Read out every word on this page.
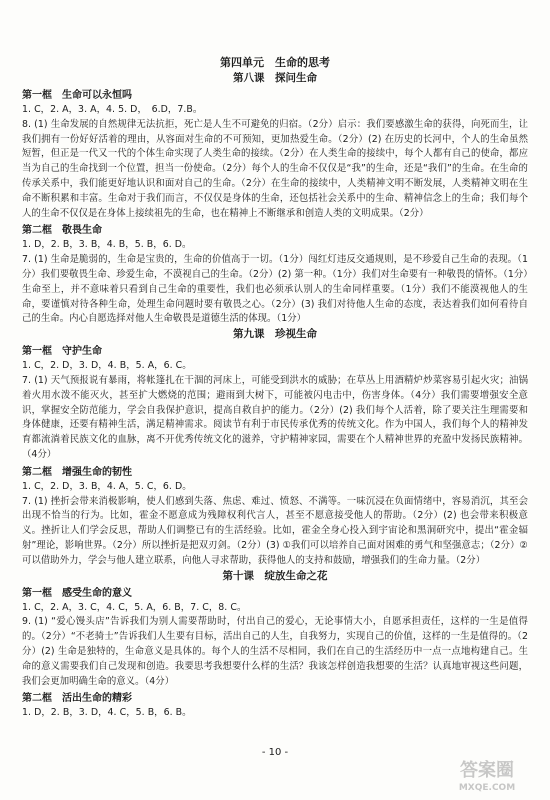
第四单元　生命的思考

第八课　探问生命

第一框　生命可以永恒吗

1. C，2. A，3. A，4. 5. D，　6.D，7.B。

8. (1) 生命发展的自然规律无法抗拒，死亡是人生不可避免的归宿。（2分）启示：我们要感激生命的获得，向死而生，让我们拥有一份好好活着的理由，从容面对生命的不可预知，更加热爱生命。（2分）(2) 在历史的长河中，个人的生命虽然短暂，但正是一代又一代的个体生命实现了人类生命的接续。（2分）在人类生命的接续中，每个人都有自己的使命，都应当为自己的生命找到一个位置，担当一份使命。（2分）每个人的生命不仅仅是“我”的生命，还是“我们”的生命。在生命的传承关系中，我们能更好地认识和面对自己的生命。（2分）在生命的接续中，人类精神文明不断发展，人类精神文明在生命不断积累和丰富。生命对于我们而言，不仅仅是身体的生命，还包括社会关系中的生命、精神信念上的生命；我们每个人的生命不仅仅是在身体上接续祖先的生命，也在精神上不断继承和创造人类的文明成果。（2分）

第二框　敬畏生命

1. D，2. B，3. B，4. B，5. B，6. D。

7. (1) 生命是脆弱的，生命是宝贵的，生命的价值高于一切。（1分）闯红灯违反交通规则，是不珍爱自己生命的表现。（1分）我们要敬畏生命、珍爱生命，不漠视自己的生命。（2分）(2) 第一种。（1分）我们对生命要有一种敬畏的情怀。（1分）生命至上，并不意味着只看到自己生命的重要性，我们也必须承认别人的生命同样重要。（1分）我们不能漠视他人的生命，要谨慎对待各种生命，处理生命问题时要有敬畏之心。（2分）(3) 我们对待他人生命的态度，表达着我们如何看待自己的生命。内心自愿选择对他人生命敬畏是道德生活的体现。（1分）

第九课　珍视生命

第一框　守护生命

1. C，2. D，3. D，4. B，5. A，6. C。

7. (1) 天气预报说有暴雨，将帐篷扎在干涸的河床上，可能受到洪水的威胁；在草丛上用酒精炉炒菜容易引起火灾；油锅着火用水泼不能灭火，甚至扩大燃烧的范围；避雨到大树下，可能被闪电击中，伤害身体。（4分）我们需要增强安全意识，掌握安全防范能力，学会自我保护意识，提高自救自护的能力。（2分）(2) 我们每个人活着，除了要关注生理需要和身体健康，还要有精神生活，满足精神需求。阅读节有利于市民传承优秀的传统文化。作为中国人，我们每个人的精神发育都流淌着民族文化的血脉，离不开优秀传统文化的滋养，守护精神家园，需要在个人精神世界的充盈中发扬民族精神。（4分）

第二框　增强生命的韧性

1. C，2. D，3. B，4. A，5. C，6. D。

7. (1) 挫折会带来消极影响，使人们感到失落、焦虑、难过、愤怒、不满等。一味沉浸在负面情绪中，容易消沉，其至会出现不恰当的行为。比如，霍金不愿意成为残障权利代言人，甚至不愿意接受他人的帮助。（2分）(2) 也会带来积极意义。挫折让人们学会反思，帮助人们调整已有的生活经验。比如，霍金全身心投入到宇宙论和黑洞研究中，提出“霍金辐射”理论，影响世界。（2分）所以挫折是把双刃剑。（2分）(3) ①我们可以培养自己面对困难的勇气和坚强意志；（2分）②可以借助外力，学会与他人建立联系，向他人寻求帮助，获得他人的支持和鼓励，增强我们的生命力量。（2分）

第十课　绽放生命之花

第一框　感受生命的意义

1. C，2. A，3. C，4. C，5. A，6. B，7. C，8. C。

9. (1) “爱心馒头店”告诉我们为别人需要帮助时，付出自己的爱心，无论事情大小，自愿承担责任，这样的一生是值得的。（2分）“不老骑士”告诉我们人生要有目标，活出自己的人生，自我努力，实现自己的价值，这样的一生是值得的。（2分）(2) 生命是独特的，生命意义是具体的。每个人的生活不尽相同，我们在自己的生活经历中一点一点地构建自己。生命的意义需要我们自己发现和创造。我要思考我想要什么样的生活？我该怎样创造我想要的生活？认真地审视这些问题，我们会更加明确生命的意义。（4分）

第二框　活出生命的精彩

1. D，2. B，3. D，4. C，5. B，6. B。

- 10 -
答案圈
MXQE.COM
